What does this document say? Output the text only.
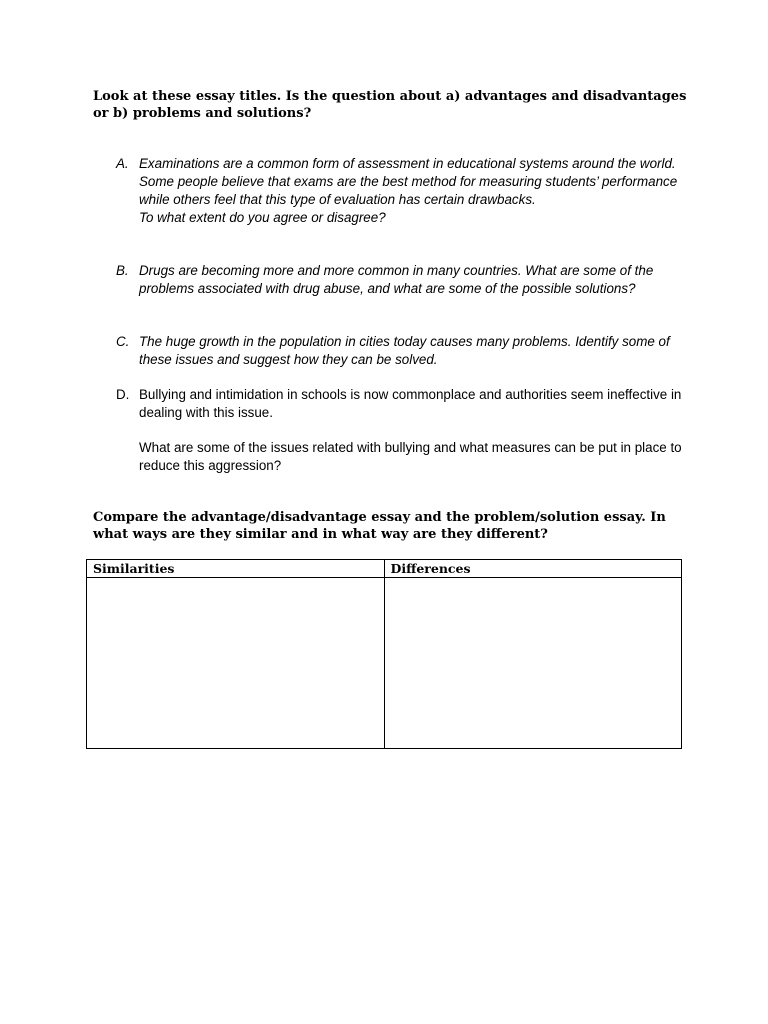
Look at these essay titles. Is the question about a) advantages and disadvantages or b) problems and solutions?
A. Examinations are a common form of assessment in educational systems around the world. Some people believe that exams are the best method for measuring students’ performance while others feel that this type of evaluation has certain drawbacks.

To what extent do you agree or disagree?

B. Drugs are becoming more and more common in many countries. What are some of the problems associated with drug abuse, and what are some of the possible solutions?

C. The huge growth in the population in cities today causes many problems. Identify some of these issues and suggest how they can be solved.

D. Bullying and intimidation in schools is now commonplace and authorities seem ineffective in dealing with this issue.

What are some of the issues related with bullying and what measures can be put in place to reduce this aggression?

Compare the advantage/disadvantage essay and the problem/solution essay. In what ways are they similar and in what way are they different?
Similarities	Differences
